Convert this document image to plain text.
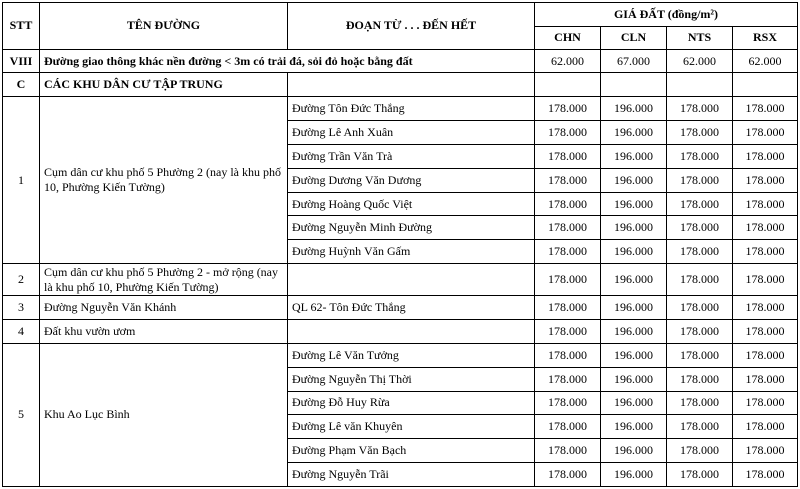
STT	TÊN ĐƯỜNG	ĐOẠN TỪ . . . ĐẾN HẾT	GIÁ ĐẤT (đồng/m²)			
			CHN	CLN	NTS	RSX
VIII	Đường giao thông khác nền đường < 3m có trải đá, sỏi đỏ hoặc bằng đất		62.000	67.000	62.000	62.000
C	CÁC KHU DÂN CƯ TẬP TRUNG					
1	Cụm dân cư khu phố 5 Phường 2 (nay là khu phố 10, Phường Kiến Tường)	Đường Tôn Đức Thắng	178.000	196.000	178.000	178.000
		Đường Lê Anh Xuân	178.000	196.000	178.000	178.000
		Đường Trần Văn Trà	178.000	196.000	178.000	178.000
		Đường Dương Văn Dương	178.000	196.000	178.000	178.000
		Đường Hoàng Quốc Việt	178.000	196.000	178.000	178.000
		Đường Nguyễn Minh Đường	178.000	196.000	178.000	178.000
		Đường Huỳnh Văn Gấm	178.000	196.000	178.000	178.000
2	Cụm dân cư khu phố 5 Phường 2 - mở rộng (nay là khu phố 10, Phường Kiến Tường)		178.000	196.000	178.000	178.000
3	Đường Nguyễn Văn Khánh	QL 62- Tôn Đức Thắng	178.000	196.000	178.000	178.000
4	Đất khu vườn ươm		178.000	196.000	178.000	178.000
5	Khu Ao Lục Bình	Đường Lê Văn Tưởng	178.000	196.000	178.000	178.000
		Đường Nguyễn Thị Thời	178.000	196.000	178.000	178.000
		Đường Đỗ Huy Rừa	178.000	196.000	178.000	178.000
		Đường Lê văn Khuyên	178.000	196.000	178.000	178.000
		Đường Phạm Văn Bạch	178.000	196.000	178.000	178.000
		Đường Nguyễn Trãi	178.000	196.000	178.000	178.000
